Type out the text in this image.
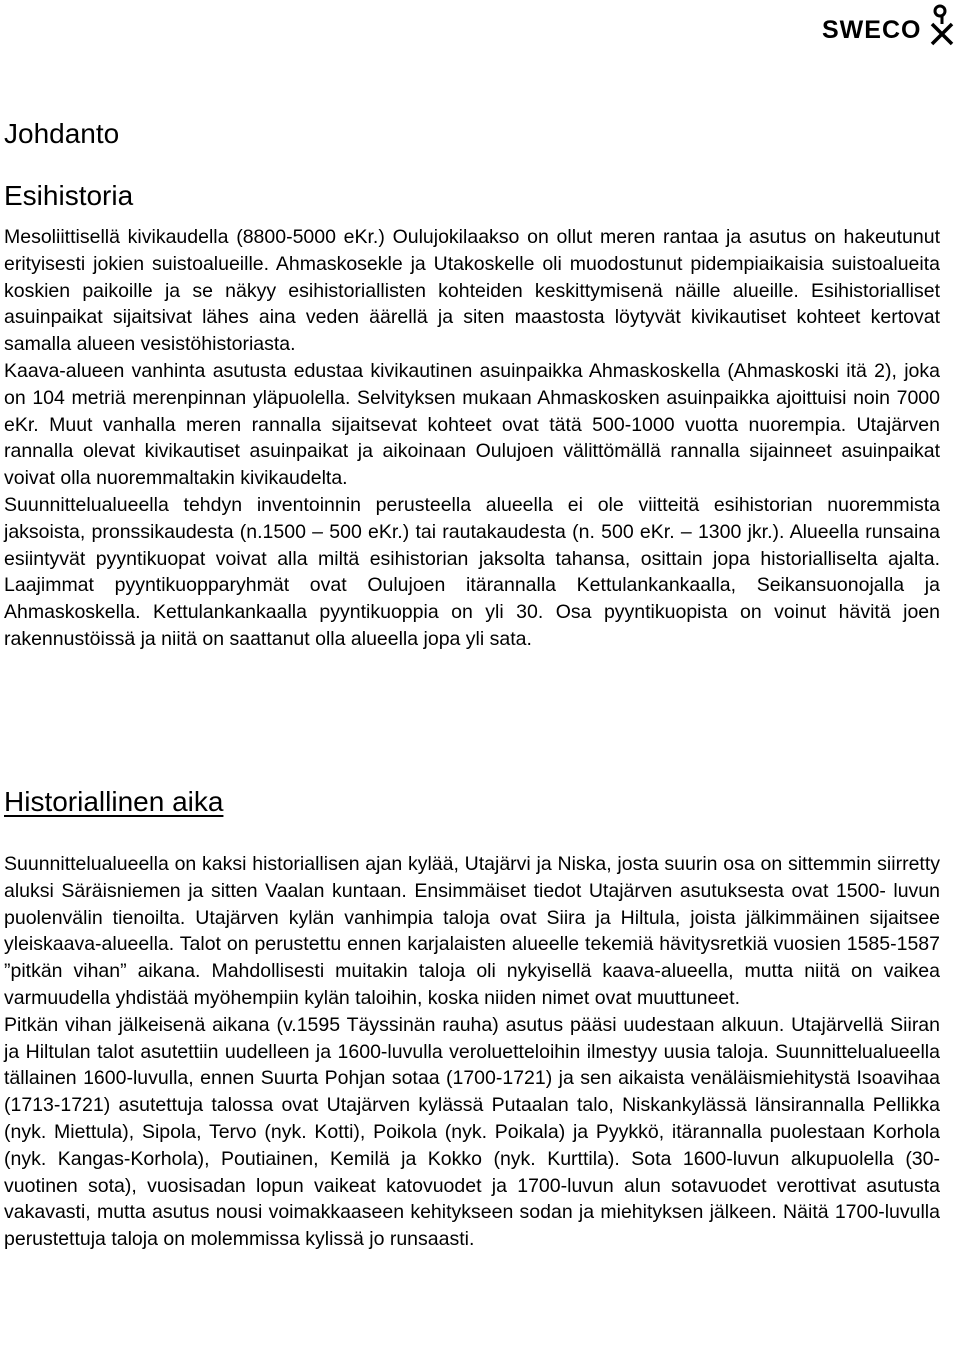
SWECO
Johdanto
Esihistoria

Mesoliittisellä kivikaudella (8800-5000 eKr.) Oulujokilaakso on ollut meren rantaa ja asutus on hakeutunut erityisesti jokien suistoalueille. Ahmaskosekle ja Utakoskelle oli muodostunut pidempiaikaisia suistoalueita koskien paikoille ja se näkyy esihistoriallisten kohteiden keskittymisenä näille alueille. Esihistorialliset asuinpaikat sijaitsivat lähes aina veden äärellä ja siten maastosta löytyvät kivikautiset kohteet kertovat samalla alueen vesistöhistoriasta.

Kaava-alueen vanhinta asutusta edustaa kivikautinen asuinpaikka Ahmaskoskella (Ahmaskoski itä 2), joka on 104 metriä merenpinnan yläpuolella. Selvityksen mukaan Ahmaskosken asuinpaikka ajoittuisi noin 7000 eKr. Muut vanhalla meren rannalla sijaitsevat kohteet ovat tätä 500-1000 vuotta nuorempia. Utajärven rannalla olevat kivikautiset asuinpaikat ja aikoinaan Oulujoen välittömällä rannalla sijainneet asuinpaikat voivat olla nuoremmaltakin kivikaudelta.

Suunnittelualueella tehdyn inventoinnin perusteella alueella ei ole viitteitä esihistorian nuoremmista jaksoista, pronssikaudesta (n.1500 – 500 eKr.) tai rautakaudesta (n. 500 eKr. – 1300 jkr.). Alueella runsaina esiintyvät pyyntikuopat voivat alla miltä esihistorian jaksolta tahansa, osittain jopa historialliselta ajalta. Laajimmat pyyntikuopparyhmät ovat Oulujoen itärannalla Kettulankankaalla, Seikansuonojalla ja Ahmaskoskella. Kettulankankaalla pyyntikuoppia on yli 30. Osa pyyntikuopista on voinut hävitä joen rakennustöissä ja niitä on saattanut olla alueella jopa yli sata.

Historiallinen aika

Suunnittelualueella on kaksi historiallisen ajan kylää, Utajärvi ja Niska, josta suurin osa on sittemmin siirretty aluksi Säräisniemen ja sitten Vaalan kuntaan. Ensimmäiset tiedot Utajärven asutuksesta ovat 1500- luvun puolenvälin tienoilta. Utajärven kylän vanhimpia taloja ovat Siira ja Hiltula, joista jälkimmäinen sijaitsee yleiskaava-alueella. Talot on perustettu ennen karjalaisten alueelle tekemiä hävitysretkiä vuosien 1585-1587 ”pitkän vihan” aikana. Mahdollisesti muitakin taloja oli nykyisellä kaava-alueella, mutta niitä on vaikea varmuudella yhdistää myöhempiin kylän taloihin, koska niiden nimet ovat muuttuneet.

Pitkän vihan jälkeisenä aikana (v.1595 Täyssinän rauha) asutus pääsi uudestaan alkuun. Utajärvellä Siiran ja Hiltulan talot asutettiin uudelleen ja 1600-luvulla veroluetteloihin ilmestyy uusia taloja. Suunnittelualueella tällainen 1600-luvulla, ennen Suurta Pohjan sotaa (1700-1721) ja sen aikaista venäläismiehitystä Isoavihaa (1713-1721) asutettuja talossa ovat Utajärven kylässä Putaalan talo, Niskankylässä länsirannalla Pellikka (nyk. Miettula), Sipola, Tervo (nyk. Kotti), Poikola (nyk. Poikala) ja Pyykkö, itärannalla puolestaan Korhola (nyk. Kangas-Korhola), Poutiainen, Kemilä ja Kokko (nyk. Kurttila). Sota 1600-luvun alkupuolella (30-vuotinen sota), vuosisadan lopun vaikeat katovuodet ja 1700-luvun alun sotavuodet verottivat asutusta vakavasti, mutta asutus nousi voimakkaaseen kehitykseen sodan ja miehityksen jälkeen. Näitä 1700-luvulla perustettuja taloja on molemmissa kylissä jo runsaasti.
